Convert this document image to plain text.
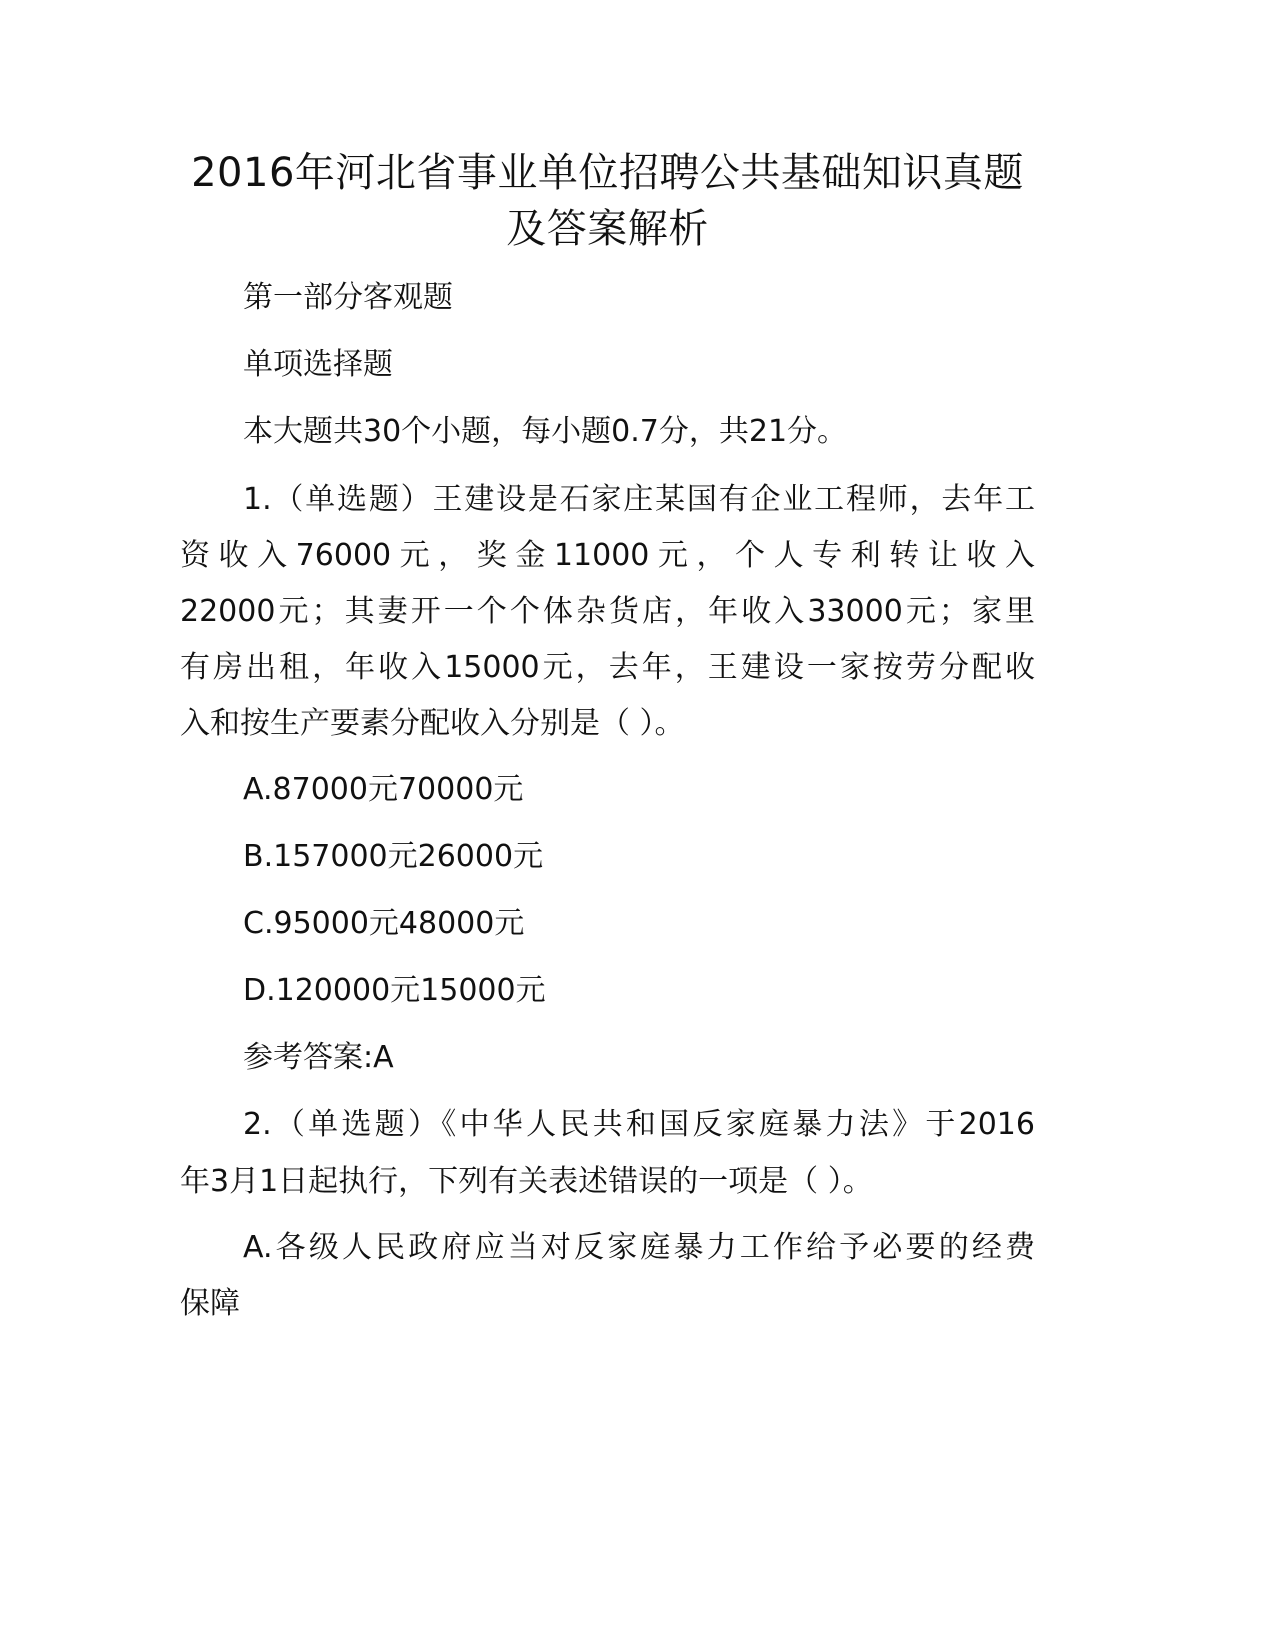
2016年河北省事业单位招聘公共基础知识真题
及答案解析

第一部分客观题

单项选择题

本大题共30个小题，每小题0.7分，共21分。

1.（单选题）王建设是石家庄某国有企业工程师，去年工

资收入76000元，奖金11000元，个人专利转让收入

22000元；其妻开一个个体杂货店，年收入33000元；家里

有房出租，年收入15000元，去年，王建设一家按劳分配收

入和按生产要素分配收入分别是（ ）。

A.87000元70000元

B.157000元26000元

C.95000元48000元

D.120000元15000元

参考答案:A

2.（单选题）《中华人民共和国反家庭暴力法》于2016

年3月1日起执行，下列有关表述错误的一项是（ ）。

A.各级人民政府应当对反家庭暴力工作给予必要的经费

保障
